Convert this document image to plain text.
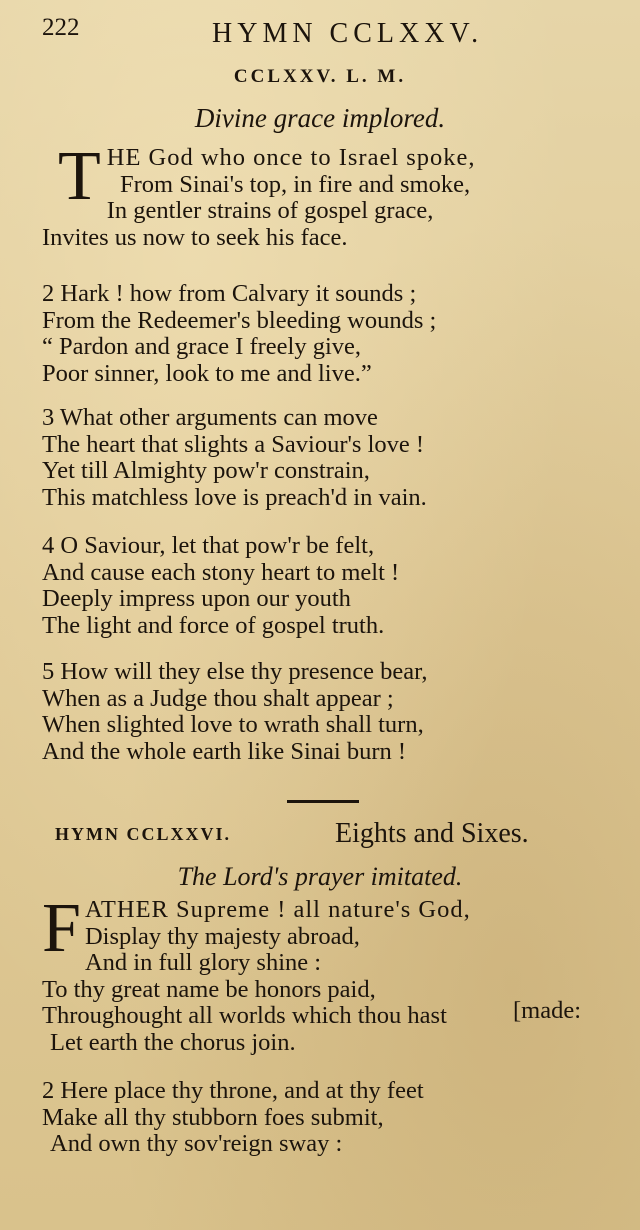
222	HYMN CCLXXV.
CCLXXV. L. M.
Divine grace implored.
T HE God who once to Israel spoke,
From Sinai's top, in fire and smoke,
In gentler strains of gospel grace,
Invites us now to seek his face.
2 Hark ! how from Calvary it sounds ;
From the Redeemer's bleeding wounds ;
“ Pardon and grace I freely give,
Poor sinner, look to me and live.”
3 What other arguments can move
The heart that slights a Saviour's love !
Yet till Almighty pow'r constrain,
This matchless love is preach'd in vain.
4 O Saviour, let that pow'r be felt,
And cause each stony heart to melt !
Deeply impress upon our youth
The light and force of gospel truth.
5 How will they else thy presence bear,
When as a Judge thou shalt appear ;
When slighted love to wrath shall turn,
And the whole earth like Sinai burn !
HYMN CCLXXVI.	Eights and Sixes.
The Lord's prayer imitated.
F ATHER Supreme ! all nature's God,
Display thy majesty abroad,
And in full glory shine :
To thy great name be honors paid,
Throughought all worlds which thou hast
Let earth the chorus join.
[made:
2 Here place thy throne, and at thy feet
Make all thy stubborn foes submit,
And own thy sov'reign sway :
